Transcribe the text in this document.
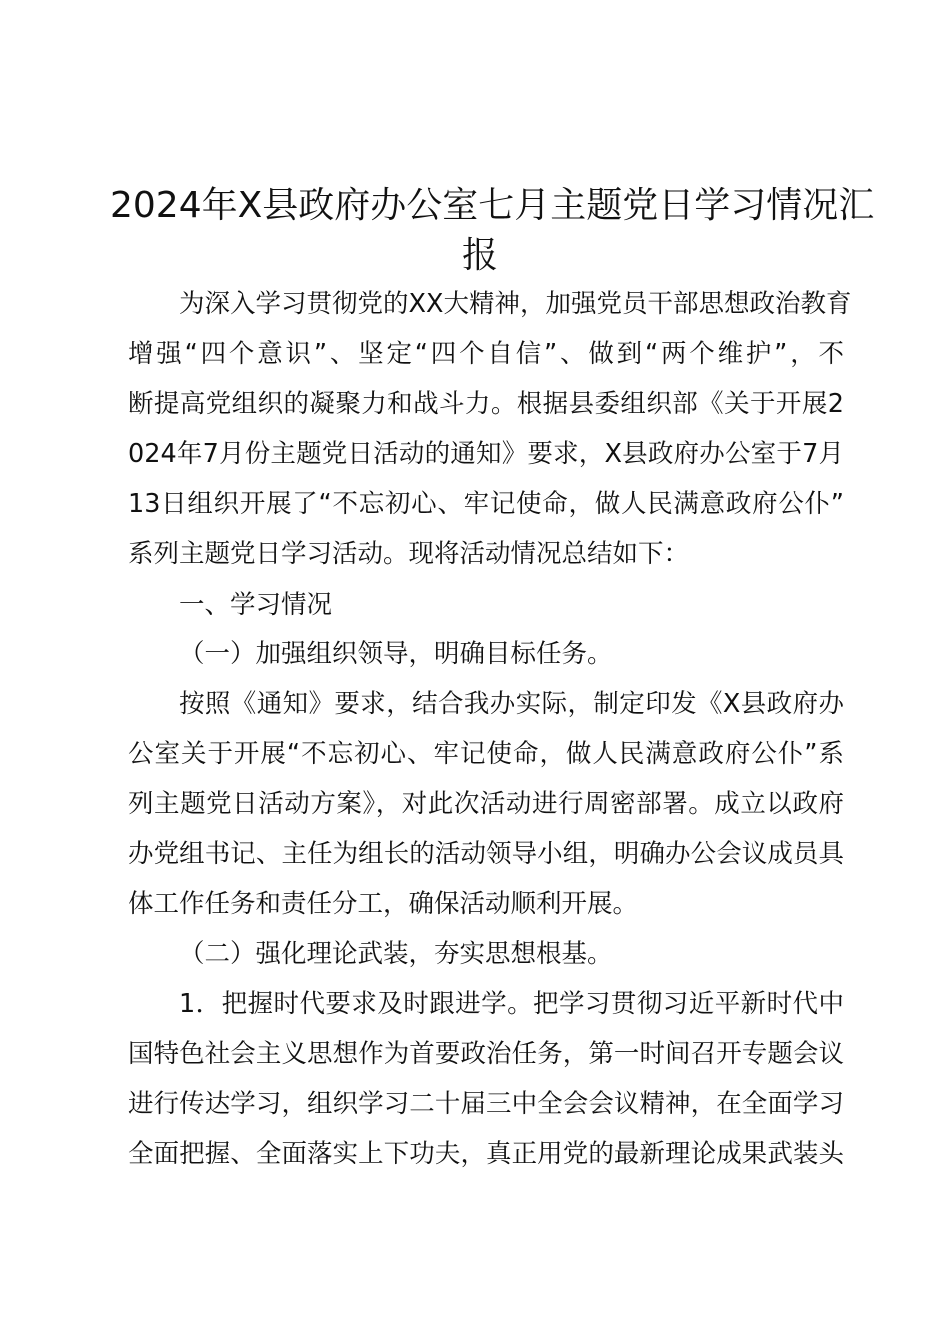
2024年X县政府办公室七月主题党日学习情况汇
报

为深入学习贯彻党的XX大精神，加强党员干部思想政治教育

增强“四个意识”、坚定“四个自信”、做到“两个维护”，不

断提高党组织的凝聚力和战斗力。根据县委组织部《关于开展2

024年7月份主题党日活动的通知》要求，X县政府办公室于7月

13日组织开展了“不忘初心、牢记使命，做人民满意政府公仆”

系列主题党日学习活动。现将活动情况总结如下：

一、学习情况

（一）加强组织领导，明确目标任务。

按照《通知》要求，结合我办实际，制定印发《X县政府办

公室关于开展“不忘初心、牢记使命，做人民满意政府公仆”系

列主题党日活动方案》，对此次活动进行周密部署。成立以政府

办党组书记、主任为组长的活动领导小组，明确办公会议成员具

体工作任务和责任分工，确保活动顺利开展。

（二）强化理论武装，夯实思想根基。

1．把握时代要求及时跟进学。把学习贯彻习近平新时代中

国特色社会主义思想作为首要政治任务，第一时间召开专题会议

进行传达学习，组织学习二十届三中全会会议精神，在全面学习

全面把握、全面落实上下功夫，真正用党的最新理论成果武装头
